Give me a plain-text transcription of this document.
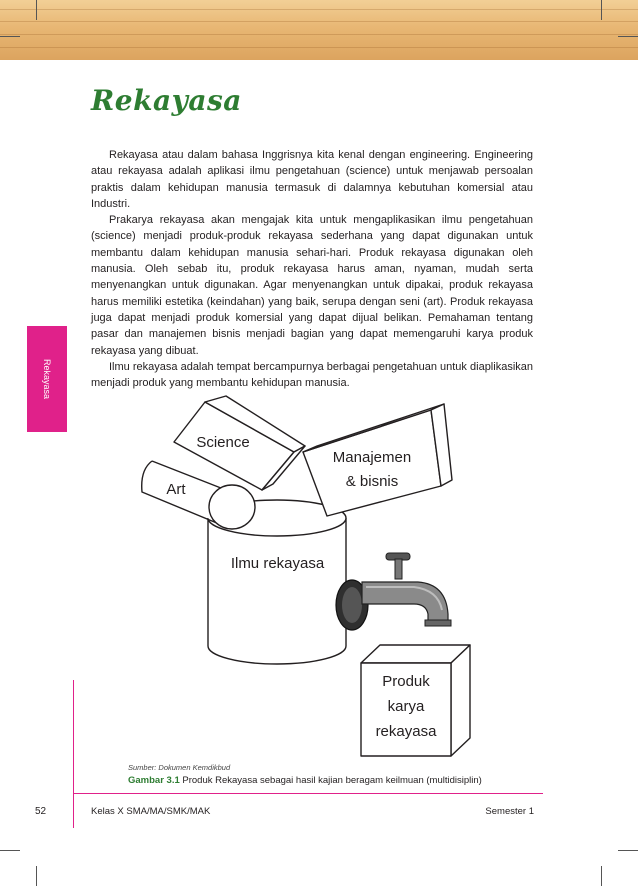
Rekayasa
Rekayasa

Rekayasa atau dalam bahasa Inggrisnya kita kenal dengan engineering. Engineering atau rekayasa adalah aplikasi ilmu pengetahuan (science) untuk menjawab persoalan praktis dalam kehidupan manusia termasuk di dalamnya kebutuhan komersial atau Industri.

Prakarya rekayasa akan mengajak kita untuk mengaplikasikan ilmu pengetahuan (science) menjadi produk-produk rekayasa sederhana yang dapat digunakan untuk membantu dalam kehidupan manusia sehari-hari. Produk rekayasa digunakan oleh manusia. Oleh sebab itu, produk rekayasa harus aman, nyaman, mudah serta menyenangkan untuk digunakan. Agar menyenangkan untuk dipakai, produk rekayasa harus memiliki estetika (keindahan) yang baik, serupa dengan seni (art). Produk rekayasa juga dapat menjadi produk komersial yang dapat dijual belikan. Pemahaman tentang pasar dan manajemen bisnis menjadi bagian yang dapat memengaruhi karya produk rekayasa yang dibuat.

Ilmu rekayasa adalah tempat bercampurnya berbagai pengetahuan untuk diaplikasikan menjadi produk yang membantu kehidupan manusia.

Science
Art
Manajemen
& bisnis
Ilmu rekayasa
Produk
karya
rekayasa
Sumber: Dokumen Kemdikbud
Gambar 3.1 Produk Rekayasa sebagai hasil kajian beragam keilmuan (multidisiplin)
52	Kelas X SMA/MA/SMK/MAK	Semester 1
